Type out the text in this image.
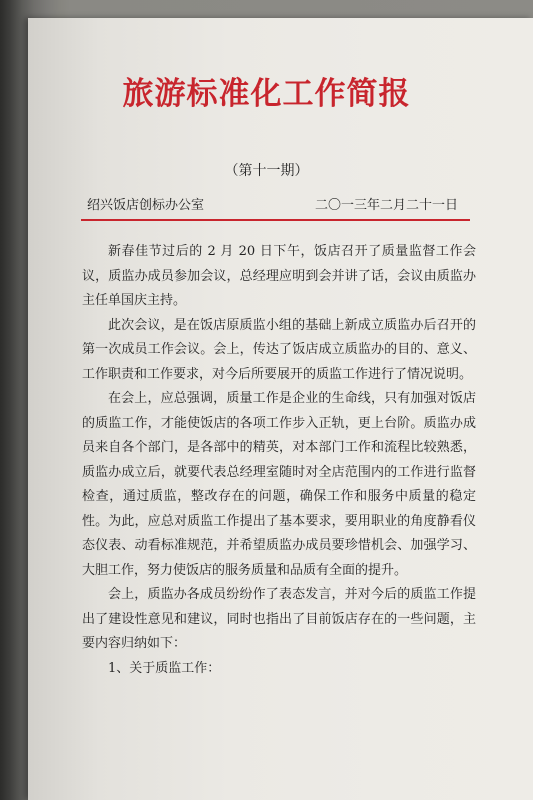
旅游标准化工作简报
（第十一期）
绍兴饭店创标办公室	二〇一三年二月二十一日

新春佳节过后的 2 月 20 日下午，饭店召开了质量监督工作会议，质监办成员参加会议，总经理应明到会并讲了话，会议由质监办主任单国庆主持。

此次会议，是在饭店原质监小组的基础上新成立质监办后召开的第一次成员工作会议。会上，传达了饭店成立质监办的目的、意义、工作职责和工作要求，对今后所要展开的质监工作进行了情况说明。

在会上，应总强调，质量工作是企业的生命线，只有加强对饭店的质监工作，才能使饭店的各项工作步入正轨，更上台阶。质监办成员来自各个部门，是各部中的精英，对本部门工作和流程比较熟悉，质监办成立后，就要代表总经理室随时对全店范围内的工作进行监督检查，通过质监，整改存在的问题，确保工作和服务中质量的稳定性。为此，应总对质监工作提出了基本要求，要用职业的角度静看仪态仪表、动看标准规范，并希望质监办成员要珍惜机会、加强学习、大胆工作，努力使饭店的服务质量和品质有全面的提升。

会上，质监办各成员纷纷作了表态发言，并对今后的质监工作提出了建设性意见和建议，同时也指出了目前饭店存在的一些问题，主要内容归纳如下：

1、关于质监工作：
